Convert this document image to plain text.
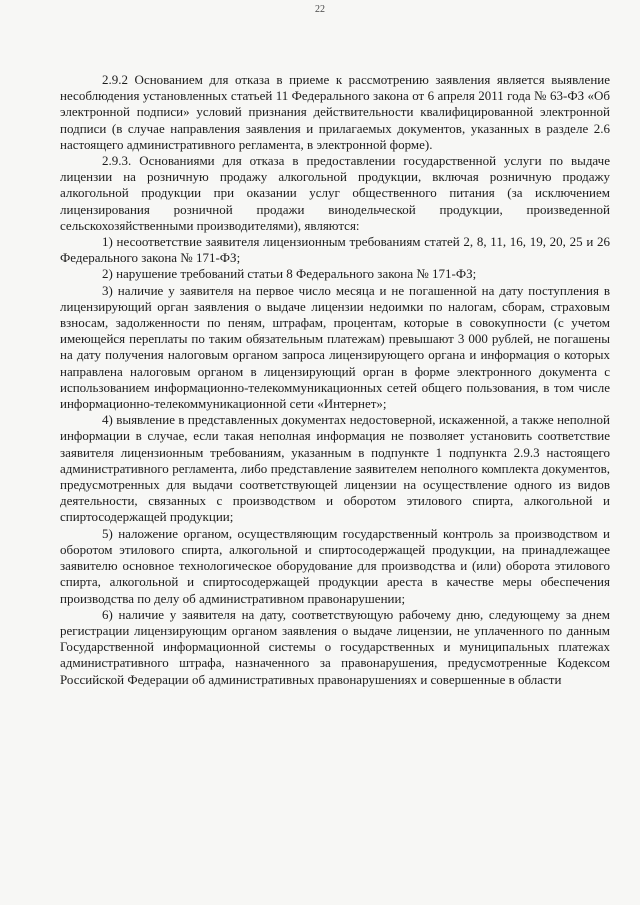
22

2.9.2 Основанием для отказа в приеме к рассмотрению заявления является выявление несоблюдения установленных статьей 11 Федерального закона от 6 апреля 2011 года № 63-ФЗ «Об электронной подписи» условий признания действительности квалифицированной электронной подписи (в случае направления заявления и прилагаемых документов, указанных в разделе 2.6 настоящего административного регламента, в электронной форме).

2.9.3. Основаниями для отказа в предоставлении государственной услуги по выдаче лицензии на розничную продажу алкогольной продукции, включая розничную продажу алкогольной продукции при оказании услуг общественного питания (за исключением лицензирования розничной продажи винодельческой продукции, произведенной сельскохозяйственными производителями), являются:

1) несоответствие заявителя лицензионным требованиям статей 2, 8, 11, 16, 19, 20, 25 и 26 Федерального закона № 171-ФЗ;

2) нарушение требований статьи 8 Федерального закона № 171-ФЗ;

3) наличие у заявителя на первое число месяца и не погашенной на дату поступления в лицензирующий орган заявления о выдаче лицензии недоимки по налогам, сборам, страховым взносам, задолженности по пеням, штрафам, процентам, которые в совокупности (с учетом имеющейся переплаты по таким обязательным платежам) превышают 3 000 рублей, не погашены на дату получения налоговым органом запроса лицензирующего органа и информация о которых направлена налоговым органом в лицензирующий орган в форме электронного документа с использованием информационно-телекоммуникационных сетей общего пользования, в том числе информационно-телекоммуникационной сети «Интернет»;

4) выявление в представленных документах недостоверной, искаженной, а также неполной информации в случае, если такая неполная информация не позволяет установить соответствие заявителя лицензионным требованиям, указанным в подпункте 1 подпункта 2.9.3 настоящего административного регламента, либо представление заявителем неполного комплекта документов, предусмотренных для выдачи соответствующей лицензии на осуществление одного из видов деятельности, связанных с производством и оборотом этилового спирта, алкогольной и спиртосодержащей продукции;

5) наложение органом, осуществляющим государственный контроль за производством и оборотом этилового спирта, алкогольной и спиртосодержащей продукции, на принадлежащее заявителю основное технологическое оборудование для производства и (или) оборота этилового спирта, алкогольной и спиртосодержащей продукции ареста в качестве меры обеспечения производства по делу об административном правонарушении;

6) наличие у заявителя на дату, соответствующую рабочему дню, следующему за днем регистрации лицензирующим органом заявления о выдаче лицензии, не уплаченного по данным Государственной информационной системы о государственных и муниципальных платежах административного штрафа, назначенного за правонарушения, предусмотренные Кодексом Российской Федерации об административных правонарушениях и совершенные в области
